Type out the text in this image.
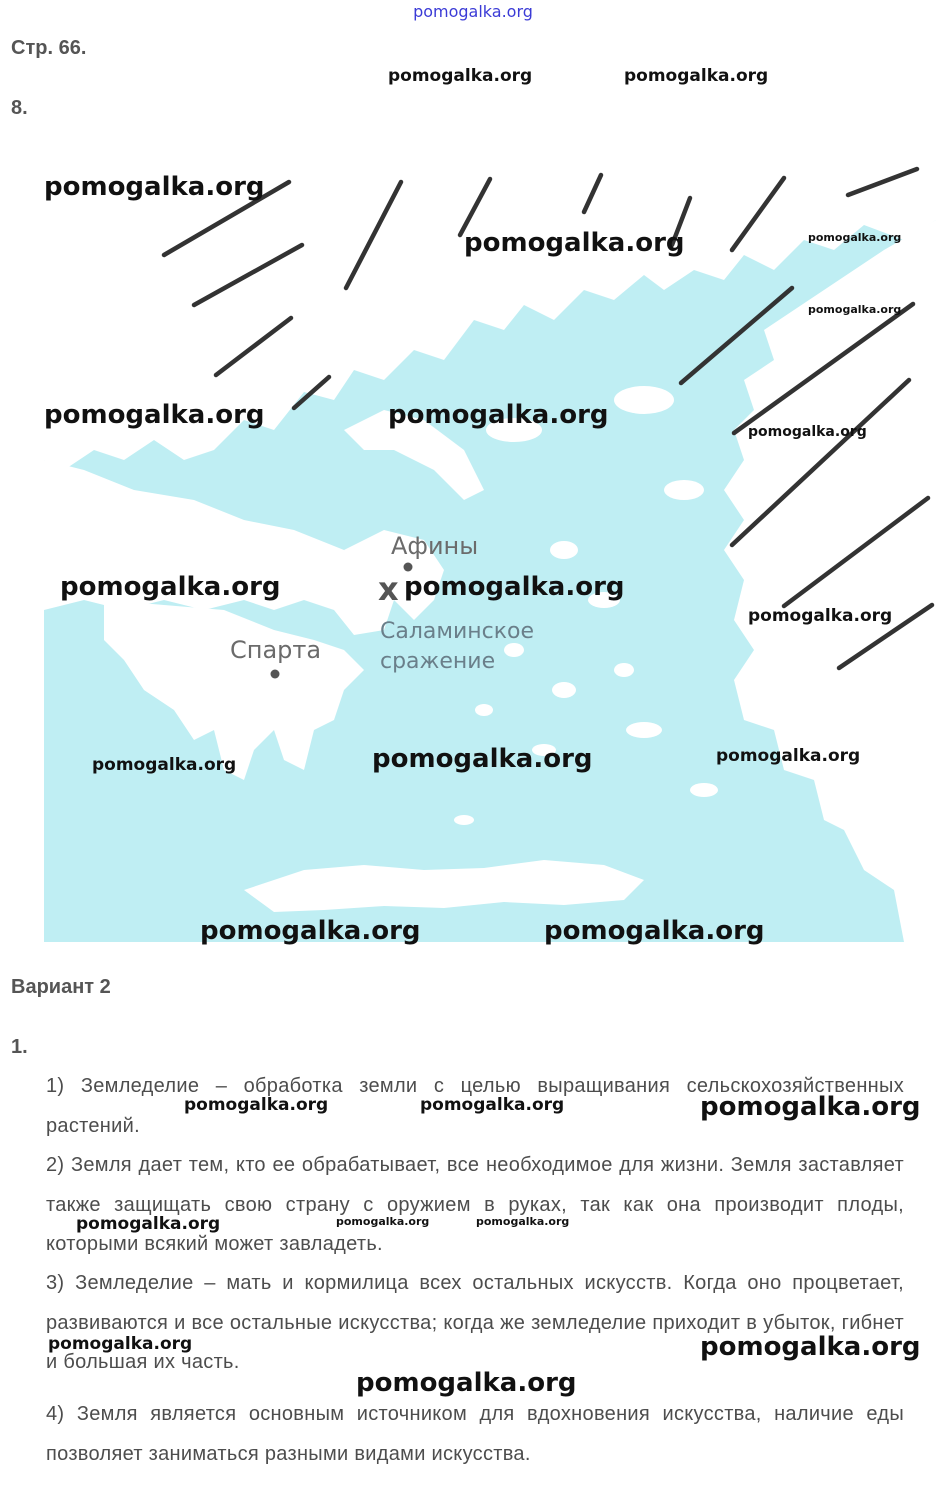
pomogalka.org
Стр. 66.
8.
Афины
Спарта
x
Саламинское
сражение
Вариант 2
1.
1) Земледелие – обработка земли с целью выращивания сельскохозяйственных растений.
2) Земля дает тем, кто ее обрабатывает, все необходимое для жизни. Земля заставляет также защищать свою страну с оружием в руках, так как она производит плоды, которыми всякий может завладеть.
3) Земледелие – мать и кормилица всех остальных искусств. Когда оно процветает, развиваются и все остальные искусства; когда же земледелие приходит в убыток, гибнет и большая их часть.
4) Земля является основным источником для вдохновения искусства, наличие еды позволяет заниматься разными видами искусства.
pomogalka.org	pomogalka.org
pomogalka.org
pomogalka.org	pomogalka.org
pomogalka.org
pomogalka.org	pomogalka.org
pomogalka.org
pomogalka.org	pomogalka.org
pomogalka.org
pomogalka.org	pomogalka.org	pomogalka.org
pomogalka.org	pomogalka.org
pomogalka.org	pomogalka.org	pomogalka.org
pomogalka.org	pomogalka.org	pomogalka.org
pomogalka.org	pomogalka.org
pomogalka.org
